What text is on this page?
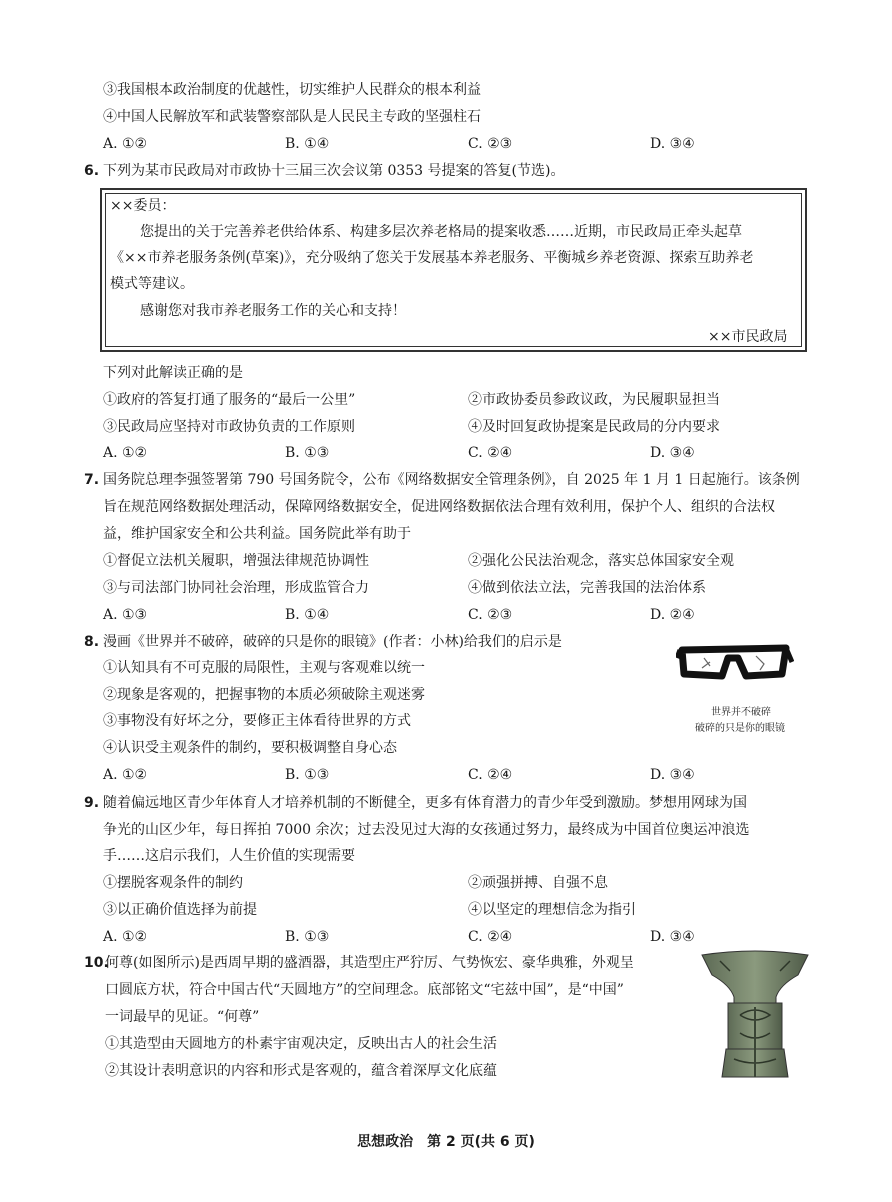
③我国根本政治制度的优越性，切实维护人民群众的根本利益
④中国人民解放军和武装警察部队是人民民主专政的坚强柱石
A. ①②	B. ①④	C. ②③	D. ③④
6. 下列为某市民政局对市政协十三届三次会议第 0353 号提案的答复(节选)。
××委员：
您提出的关于完善养老供给体系、构建多层次养老格局的提案收悉……近期，市民政局正牵头起草
《××市养老服务条例(草案)》，充分吸纳了您关于发展基本养老服务、平衡城乡养老资源、探索互助养老
模式等建议。
感谢您对我市养老服务工作的关心和支持！
××市民政局
下列对此解读正确的是
①政府的答复打通了服务的“最后一公里”	②市政协委员参政议政，为民履职显担当
③民政局应坚持对市政协负责的工作原则	④及时回复政协提案是民政局的分内要求
A. ①②	B. ①③	C. ②④	D. ③④
7. 国务院总理李强签署第 790 号国务院令，公布《网络数据安全管理条例》，自 2025 年 1 月 1 日起施行。该条例
旨在规范网络数据处理活动，保障网络数据安全，促进网络数据依法合理有效利用，保护个人、组织的合法权
益，维护国家安全和公共利益。国务院此举有助于
①督促立法机关履职，增强法律规范协调性	②强化公民法治观念，落实总体国家安全观
③与司法部门协同社会治理，形成监管合力	④做到依法立法，完善我国的法治体系
A. ①③	B. ①④	C. ②③	D. ②④
8. 漫画《世界并不破碎，破碎的只是你的眼镜》(作者：小林)给我们的启示是
①认知具有不可克服的局限性，主观与客观难以统一
②现象是客观的，把握事物的本质必须破除主观迷雾
③事物没有好坏之分，要修正主体看待世界的方式
④认识受主观条件的制约，要积极调整自身心态
A. ①②	B. ①③	C. ②④	D. ③④
世界并不破碎
破碎的只是你的眼镜
9. 随着偏远地区青少年体育人才培养机制的不断健全，更多有体育潜力的青少年受到激励。梦想用网球为国
争光的山区少年，每日挥拍 7000 余次；过去没见过大海的女孩通过努力，最终成为中国首位奥运冲浪选
手……这启示我们，人生价值的实现需要
①摆脱客观条件的制约	②顽强拼搏、自强不息
③以正确价值选择为前提	④以坚定的理想信念为指引
A. ①②	B. ①③	C. ②④	D. ③④
10.
何尊(如图所示)是西周早期的盛酒器，其造型庄严狞厉、气势恢宏、豪华典雅，外观呈
口圆底方状，符合中国古代“天圆地方”的空间理念。底部铭文“宅兹中国”，是“中国”
一词最早的见证。“何尊”
①其造型由天圆地方的朴素宇宙观决定，反映出古人的社会生活
②其设计表明意识的内容和形式是客观的，蕴含着深厚文化底蕴
思想政治　第 2 页(共 6 页)
